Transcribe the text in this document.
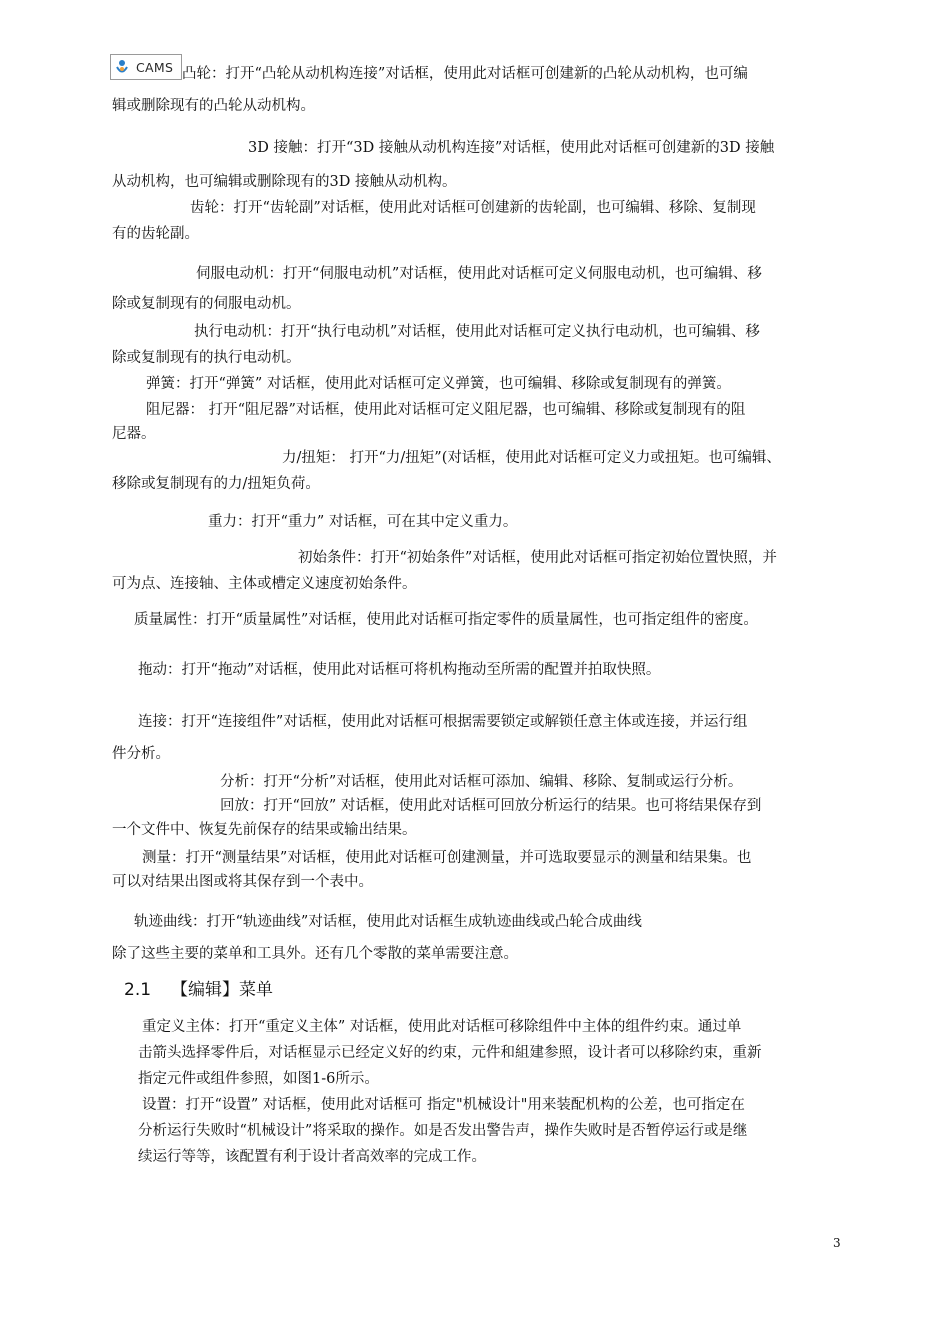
CAMS 凸轮：打开“凸轮从动机构连接”对话框，使用此对话框可创建新的凸轮从动机构，也可编
辑或删除现有的凸轮从动机构。
3D 接触：打开“3D 接触从动机构连接”对话框，使用此对话框可创建新的3D 接触
从动机构，也可编辑或删除现有的3D 接触从动机构。
齿轮：打开“齿轮副”对话框，使用此对话框可创建新的齿轮副，也可编辑、移除、复制现
有的齿轮副。
伺服电动机：打开“伺服电动机”对话框，使用此对话框可定义伺服电动机，也可编辑、移
除或复制现有的伺服电动机。
执行电动机：打开“执行电动机”对话框，使用此对话框可定义执行电动机，也可编辑、移
除或复制现有的执行电动机。
弹簧：打开“弹簧” 对话框，使用此对话框可定义弹簧，也可编辑、移除或复制现有的弹簧。
阻尼器： 打开“阻尼器”对话框，使用此对话框可定义阻尼器，也可编辑、移除或复制现有的阻
尼器。
力/扭矩： 打开“力/扭矩”(对话框，使用此对话框可定义力或扭矩。也可编辑、
移除或复制现有的力/扭矩负荷。
重力：打开“重力” 对话框，可在其中定义重力。
初始条件：打开“初始条件”对话框，使用此对话框可指定初始位置快照，并
可为点、连接轴、主体或槽定义速度初始条件。
质量属性：打开“质量属性”对话框，使用此对话框可指定零件的质量属性，也可指定组件的密度。
拖动：打开“拖动”对话框，使用此对话框可将机构拖动至所需的配置并拍取快照。
连接：打开“连接组件”对话框，使用此对话框可根据需要锁定或解锁任意主体或连接，并运行组
件分析。
分析：打开“分析”对话框，使用此对话框可添加、编辑、移除、复制或运行分析。
回放：打开“回放” 对话框，使用此对话框可回放分析运行的结果。也可将结果保存到
一个文件中、恢复先前保存的结果或输出结果。
测量：打开“测量结果”对话框，使用此对话框可创建测量，并可选取要显示的测量和结果集。也
可以对结果出图或将其保存到一个表中。
轨迹曲线：打开“轨迹曲线”对话框，使用此对话框生成轨迹曲线或凸轮合成曲线
除了这些主要的菜单和工具外。还有几个零散的菜单需要注意。
2.1 【编辑】菜单
重定义主体：打开“重定义主体” 对话框，使用此对话框可移除组件中主体的组件约束。通过单
击箭头选择零件后，对话框显示已经定义好的约束，元件和組建参照，设计者可以移除约束，重新
指定元件或组件参照，如图1-6所示。
设置：打开“设置” 对话框，使用此对话框可 指定"机械设计"用来装配机构的公差，也可指定在
分析运行失败时“机械设计”将采取的操作。如是否发出警告声，操作失败时是否暂停运行或是继
续运行等等，该配置有利于设计者高效率的完成工作。
3
